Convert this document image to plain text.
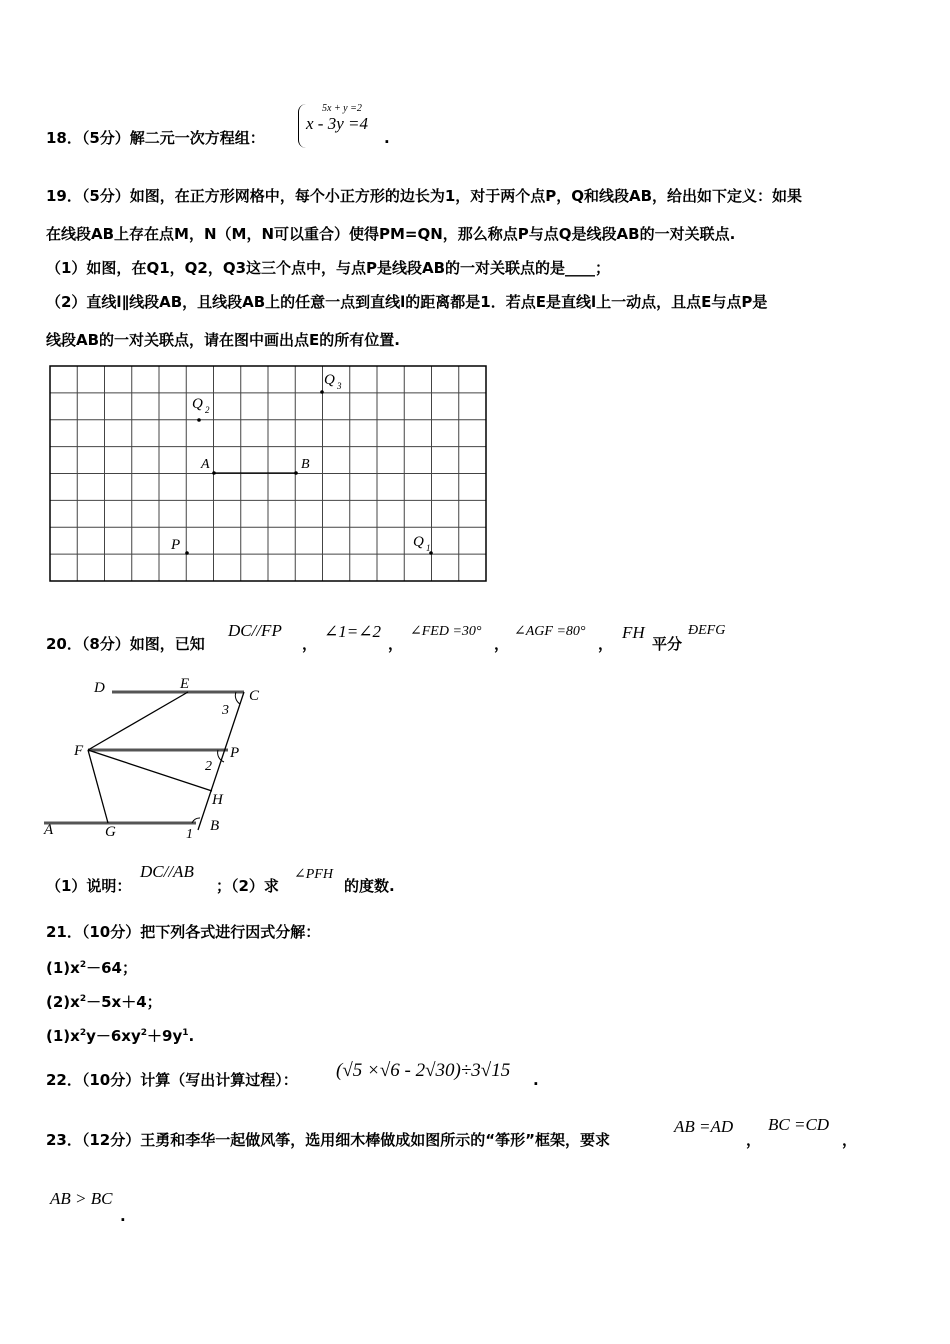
18．（5分）解二元一次方程组：
5x + y =2
x - 3y =4
.
19．（5分）如图，在正方形网格中，每个小正方形的边长为1，对于两个点P，Q和线段AB，给出如下定义：如果
在线段AB上存在点M，N（M，N可以重合）使得PM=QN，那么称点P与点Q是线段AB的一对关联点.
（1）如图，在Q1，Q2，Q3这三个点中，与点P是线段AB的一对关联点的是____；
（2）直线l∥线段AB，且线段AB上的任意一点到直线l的距离都是1．若点E是直线l上一动点，且点E与点P是
线段AB的一对关联点，请在图中画出点E的所有位置.
Q 3
Q 2
A	B
P	Q 1
20．（8分）如图，已知
DC//FP
，
∠1=∠2
，
∠FED =30°
，
∠AGF =80°
，
FH
平分
ÐEFG
D	E
C
3
F	P
2
H
A	G	1
B
（1）说明：
DC//AB
；（2）求
∠PFH
的度数.
21．（10分）把下列各式进行因式分解：
$(1)x^2-64$；
$(2)x^2-5x+4$；
$(1)x^2y-6xy^2+9y^1$.
22．（10分）计算（写出计算过程）： (√5 ×√6 - 2√30)÷3√15 .
23．（12分）王勇和李华一起做风筝，选用细木棒做成如图所示的“筝形”框架，要求
AB =AD
，
BC =CD
，
AB > BC
.
